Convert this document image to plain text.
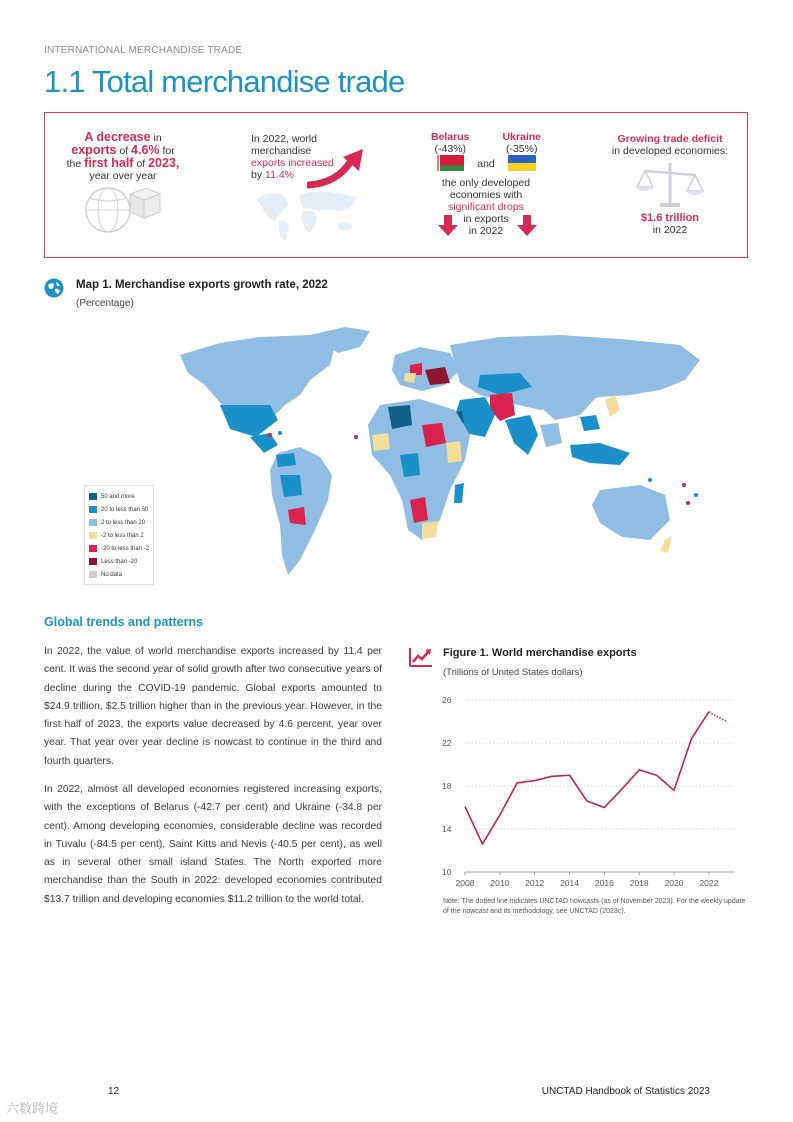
INTERNATIONAL MERCHANDISE TRADE
1.1 Total merchandise trade
A decrease in
exports of 4.6% for
the first half of 2023,
year over year
In 2022, world
merchandise
exports increased
by 11.4%
Belarus
(-43%)
and
Ukraine
(-35%)
the only developed
economies with
significant drops
in exports
in 2022
Growing trade deficit
in developed economies:
$1.6 trillion
in 2022
Map 1. Merchandise exports growth rate, 2022
(Percentage)
50 and more
20 to less than 50
2 to less than 20
-2 to less than 2
-20 to less than -2
Less than -20
No data
Global trends and patterns
In 2022, the value of world merchandise exports increased by 11.4 per cent. It was the second year of solid growth after two consecutive years of decline during the COVID-19 pandemic. Global exports amounted to $24.9 trillion, $2.5 trillion higher than in the previous year. However, in the first half of 2023, the exports value decreased by 4.6 percent, year over year. That year over year decline is nowcast to continue in the third and fourth quarters.
In 2022, almost all developed economies registered increasing exports, with the exceptions of Belarus (-42.7 per cent) and Ukraine (-34.8 per cent). Among developing economies, considerable decline was recorded in Tuvalu (-84.5 per cent), Saint Kitts and Nevis (-40.5 per cent), as well as in several other small island States. The North exported more merchandise than the South in 2022: developed economies contributed $13.7 trillion and developing economies $11.2 trillion to the world total.
Figure 1. World merchandise exports
(Trillions of United States dollars)
10
14
18
22
26
2008 2010 2012 2014 2016 2018 2020 2022
Note: The dotted line indicates UNCTAD nowcasts (as of November 2023). For the weekly update of the nowcast and its methodology, see UNCTAD (2023c).
12	UNCTAD Handbook of Statistics 2023
六数跨境
